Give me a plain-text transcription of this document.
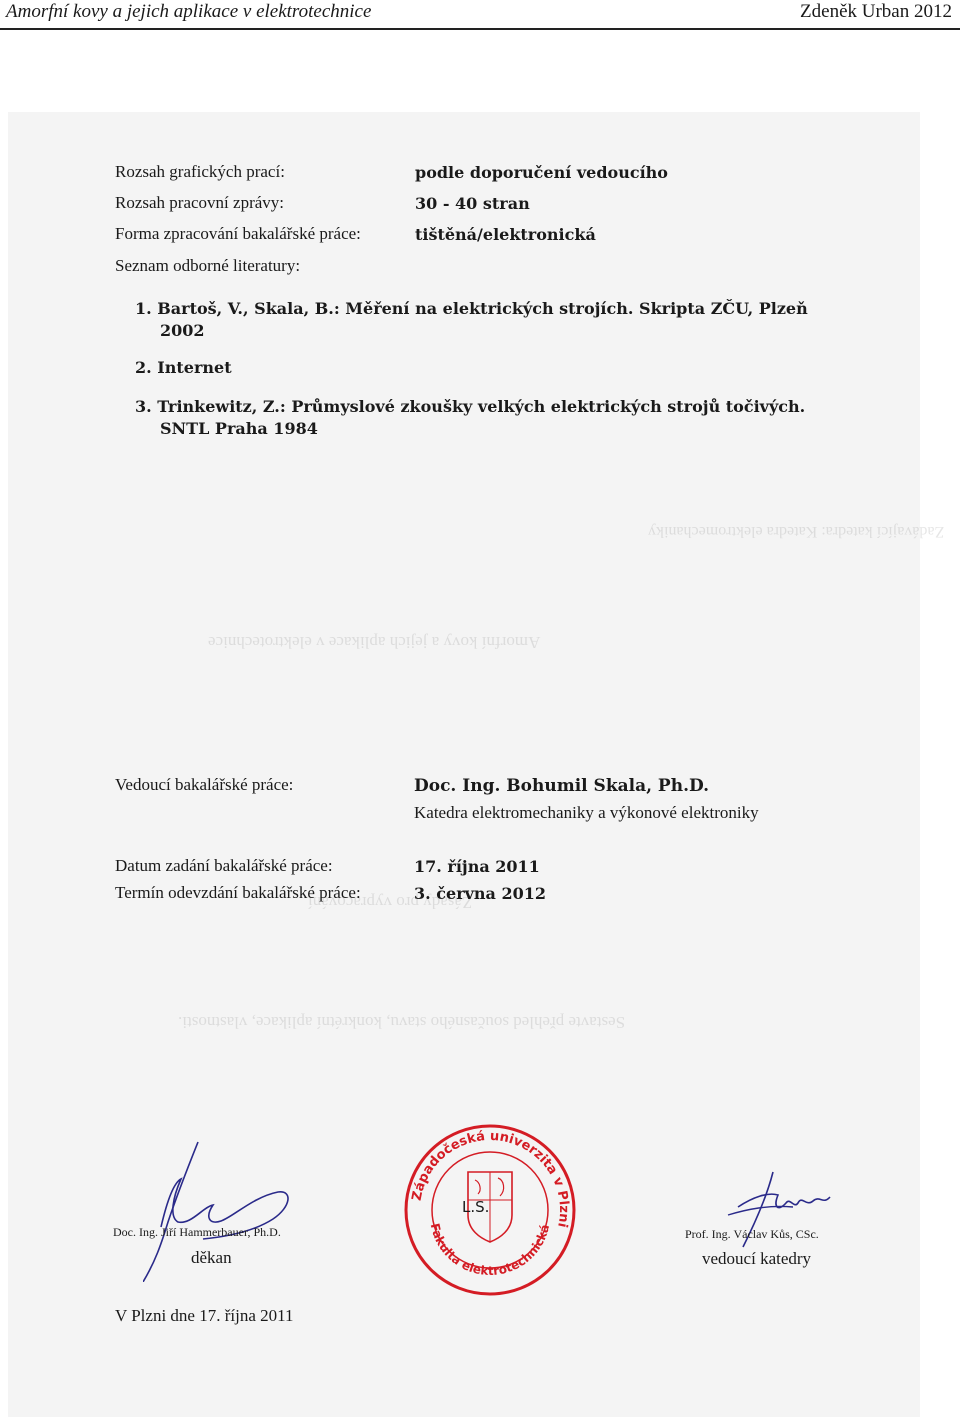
Amorfní kovy a jejich aplikace v elektrotechnice	Zdeněk Urban 2012
Zadávající katedra: Katedra elektromechaniky
Amorfní kovy a jejich aplikace v elektrotechnice
Zásady pro vypracování
Sestavte přehled současného stavu, konkrétní aplikace, vlastnosti.
Rozsah grafických prací:	podle doporučení vedoucího
Rozsah pracovní zprávy:	30 - 40 stran
Forma zpracování bakalářské práce:	tištěná/elektronická
Seznam odborné literatury:
1. Bartoš, V., Skala, B.: Měření na elektrických strojích. Skripta ZČU, Plzeň
2002
2. Internet
3. Trinkewitz, Z.: Průmyslové zkoušky velkých elektrických strojů točivých.
SNTL Praha 1984
Vedoucí bakalářské práce:	Doc. Ing. Bohumil Skala, Ph.D.
Katedra elektromechaniky a výkonové elektroniky
Datum zadání bakalářské práce:	17. října 2011
Termín odevzdání bakalářské práce:	3. června 2012
Doc. Ing. Jiří Hammerbauer, Ph.D.
děkan
Prof. Ing. Václav Kůs, CSc.
vedoucí katedry
V Plzni dne 17. října 2011
Západočeská univerzita v Plzni
Fakulta elektrotechnická
L.S.
